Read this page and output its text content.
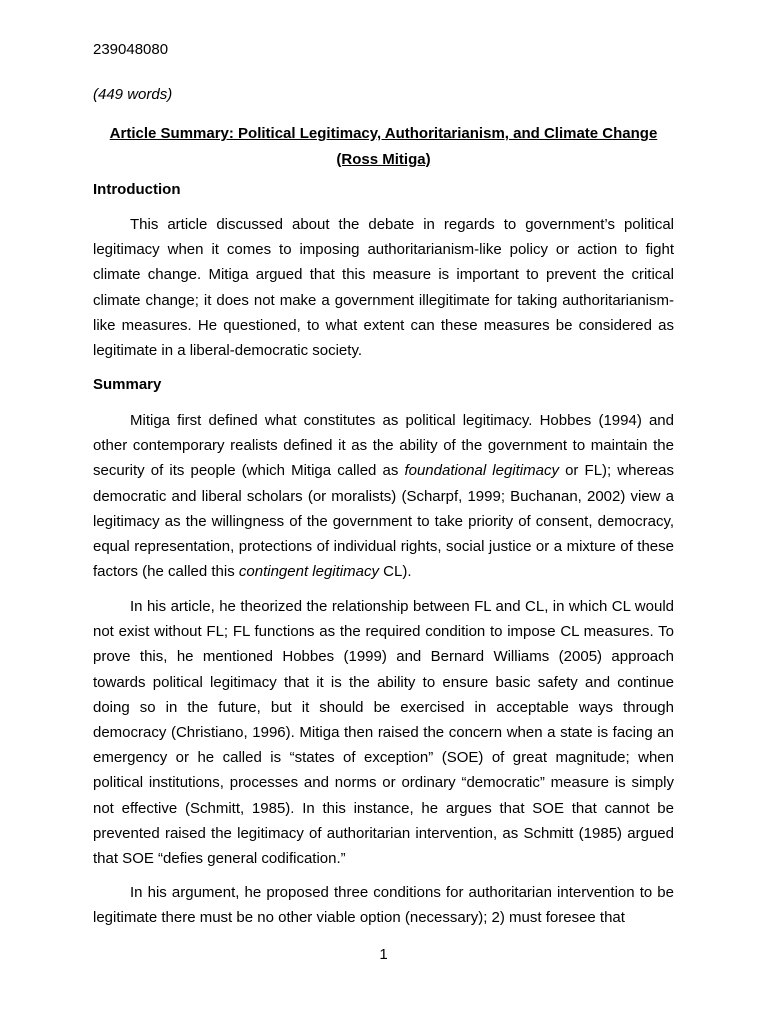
239048080
(449 words)
Article Summary: Political Legitimacy, Authoritarianism, and Climate Change
(Ross Mitiga)
Introduction

This article discussed about the debate in regards to government’s political legitimacy when it comes to imposing authoritarianism-like policy or action to fight climate change. Mitiga argued that this measure is important to prevent the critical climate change; it does not make a government illegitimate for taking authoritarianism-like measures. He questioned, to what extent can these measures be considered as legitimate in a liberal-democratic society.

Summary

Mitiga first defined what constitutes as political legitimacy. Hobbes (1994) and other contemporary realists defined it as the ability of the government to maintain the security of its people (which Mitiga called as foundational legitimacy or FL); whereas democratic and liberal scholars (or moralists) (Scharpf, 1999; Buchanan, 2002) view a legitimacy as the willingness of the government to take priority of consent, democracy, equal representation, protections of individual rights, social justice or a mixture of these factors (he called this contingent legitimacy CL).

In his article, he theorized the relationship between FL and CL, in which CL would not exist without FL; FL functions as the required condition to impose CL measures. To prove this, he mentioned Hobbes (1999) and Bernard Williams (2005) approach towards political legitimacy that it is the ability to ensure basic safety and continue doing so in the future, but it should be exercised in acceptable ways through democracy (Christiano, 1996). Mitiga then raised the concern when a state is facing an emergency or he called is “states of exception” (SOE) of great magnitude; when political institutions, processes and norms or ordinary “democratic” measure is simply not effective (Schmitt, 1985). In this instance, he argues that SOE that cannot be prevented raised the legitimacy of authoritarian intervention, as Schmitt (1985) argued that SOE “defies general codification.”

In his argument, he proposed three conditions for authoritarian intervention to be legitimate there must be no other viable option (necessary); 2) must foresee that

1
